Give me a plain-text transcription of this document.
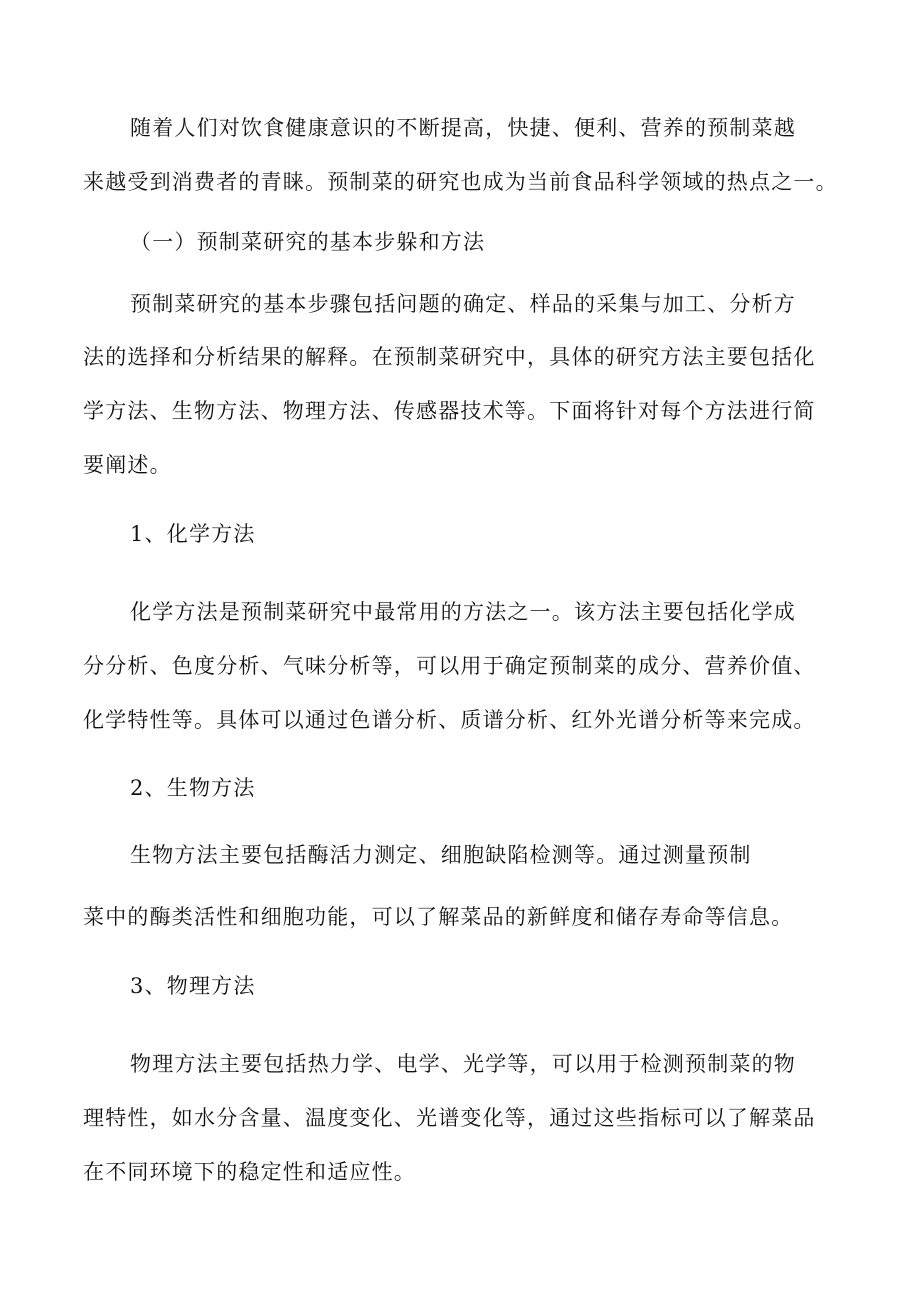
随着人们对饮食健康意识的不断提高，快捷、便利、营养的预制菜越
来越受到消费者的青睐。预制菜的研究也成为当前食品科学领域的热点之一。
（一）预制菜研究的基本步躲和方法
预制菜研究的基本步骤包括问题的确定、样品的采集与加工、分析方
法的选择和分析结果的解释。在预制菜研究中，具体的研究方法主要包括化
学方法、生物方法、物理方法、传感器技术等。下面将针对每个方法进行简
要阐述。
1、化学方法
化学方法是预制菜研究中最常用的方法之一。该方法主要包括化学成
分分析、色度分析、气味分析等，可以用于确定预制菜的成分、营养价值、
化学特性等。具体可以通过色谱分析、质谱分析、红外光谱分析等来完成。
2、生物方法
生物方法主要包括酶活力测定、细胞缺陷检测等。通过测量预制
菜中的酶类活性和细胞功能，可以了解菜品的新鲜度和储存寿命等信息。
3、物理方法
物理方法主要包括热力学、电学、光学等，可以用于检测预制菜的物
理特性，如水分含量、温度变化、光谱变化等，通过这些指标可以了解菜品
在不同环境下的稳定性和适应性。
